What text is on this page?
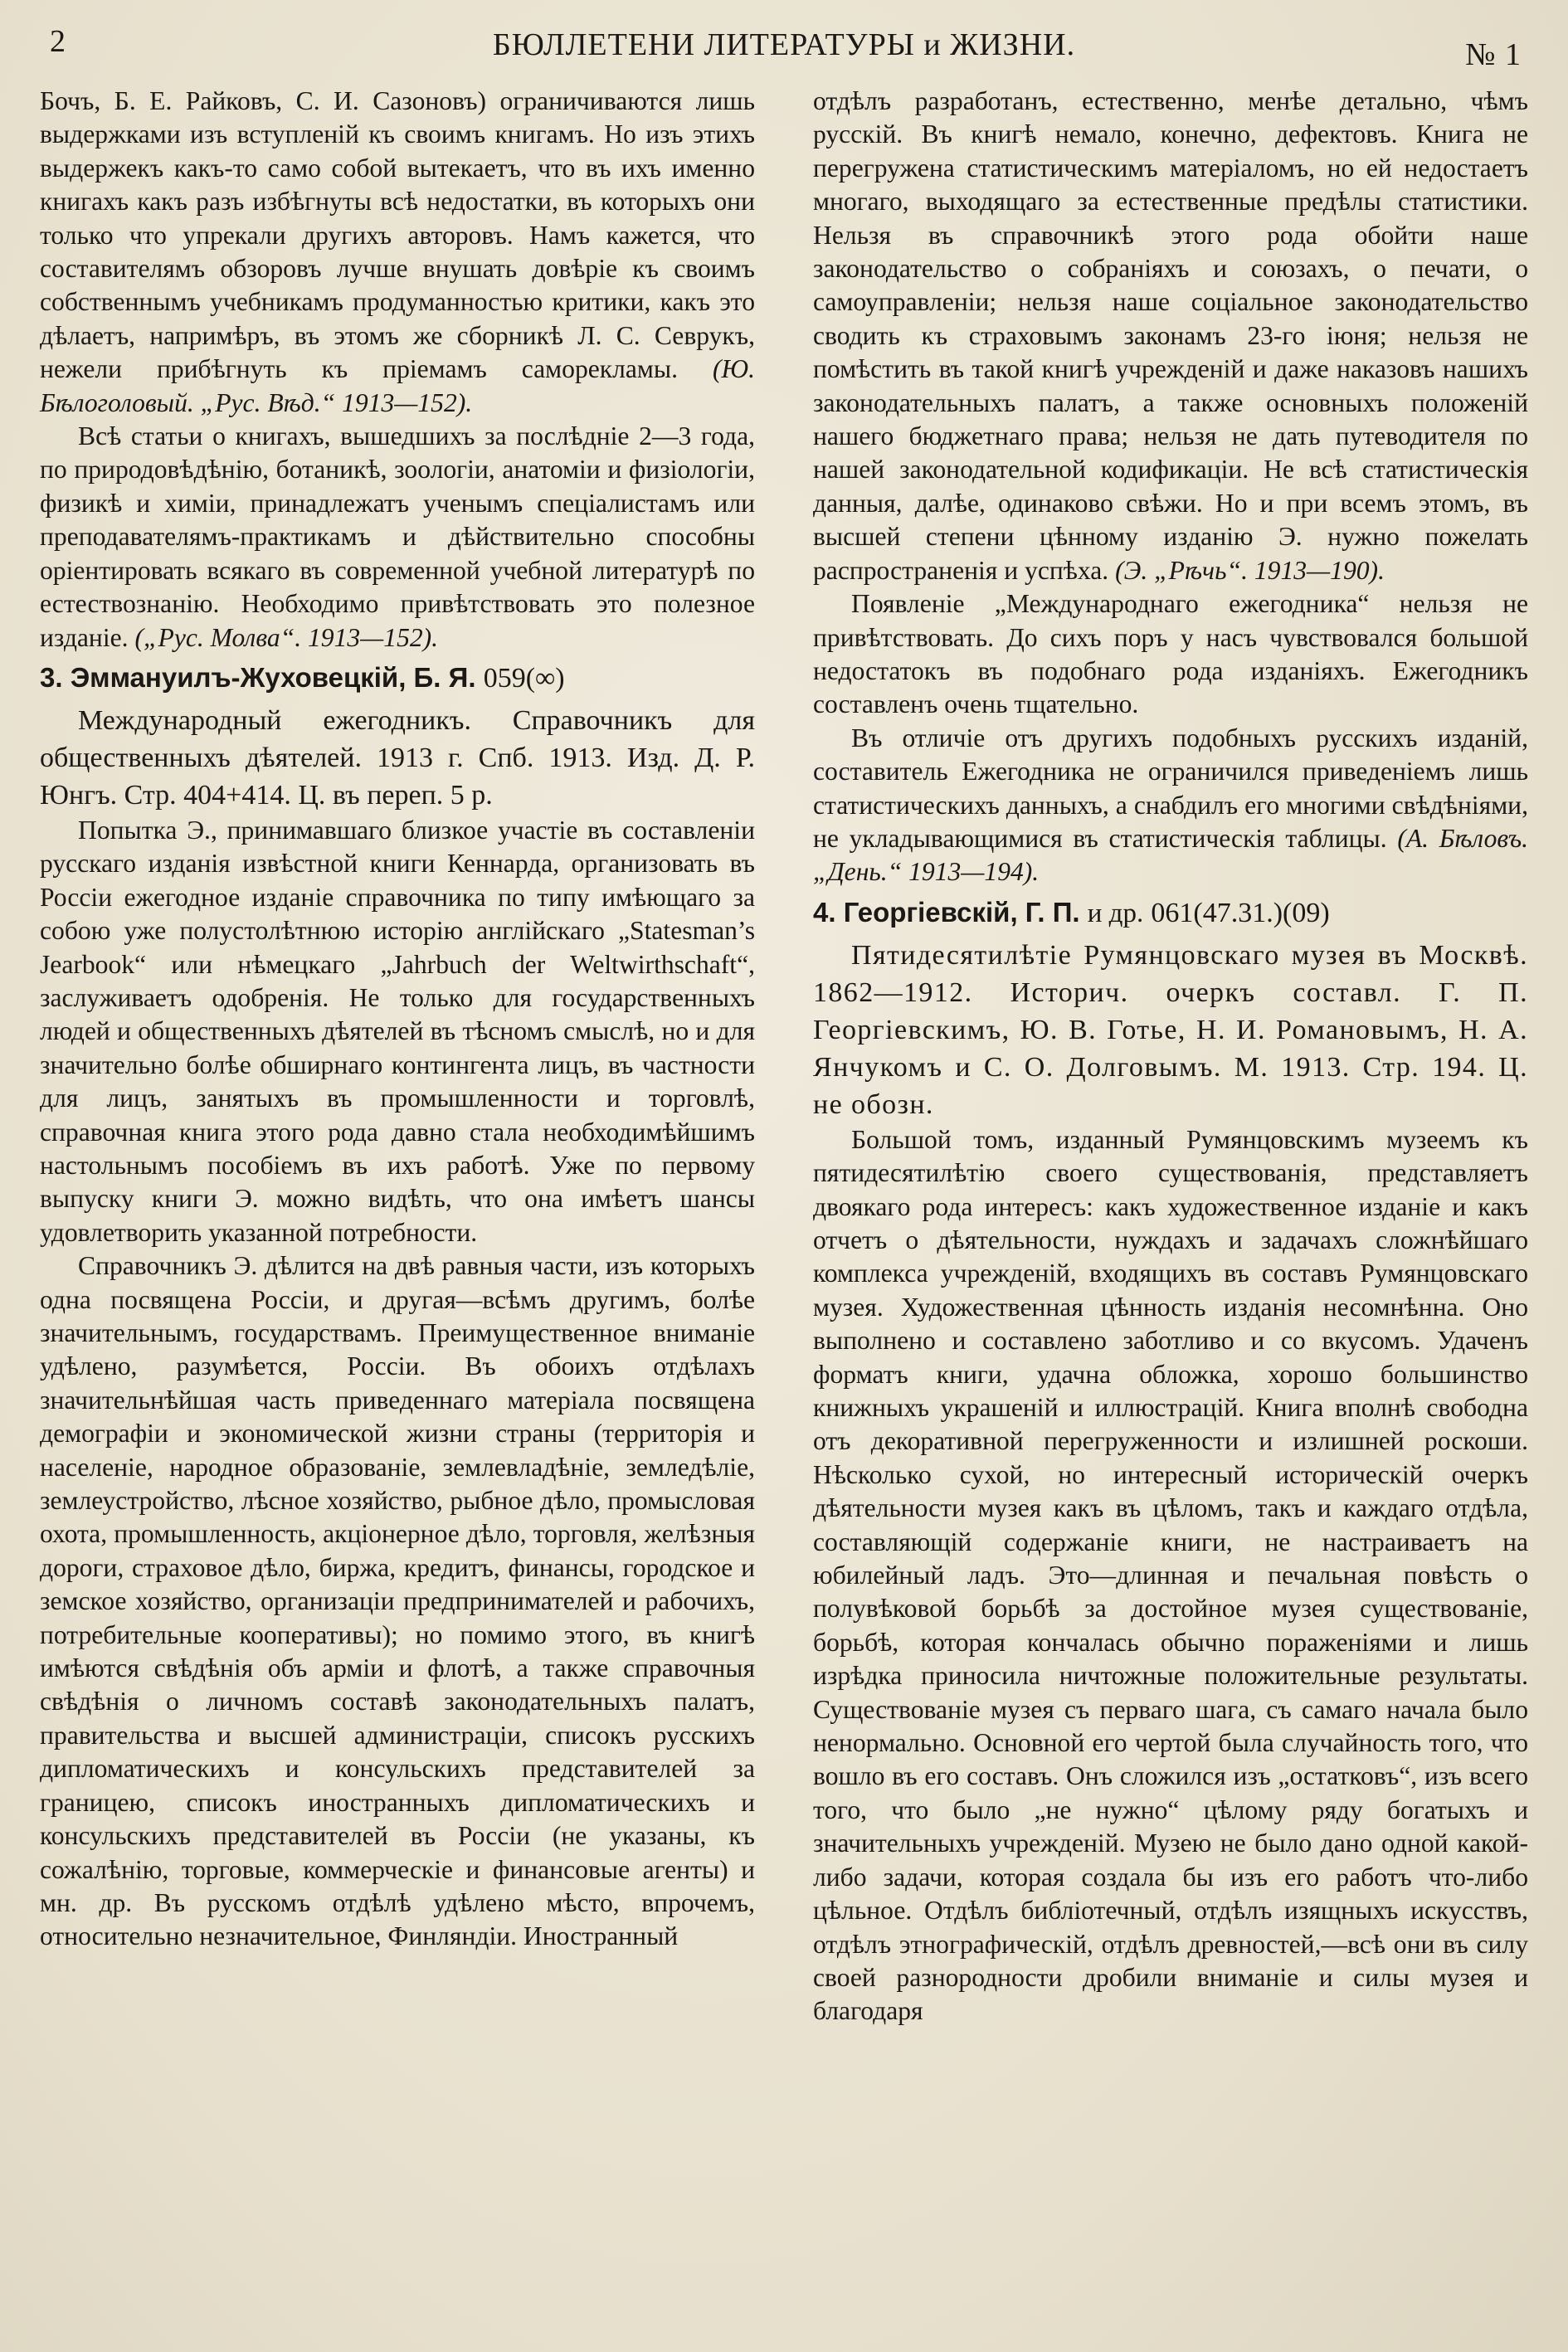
2	БЮЛЛЕТЕНИ ЛИТЕРАТУРЫ и ЖИЗНИ.	№ 1

Бочъ, Б. Е. Райковъ, С. И. Сазоновъ) ограничиваются лишь выдержками изъ вступленій къ своимъ книгамъ. Но изъ этихъ выдержекъ какъ-то само собой вытекаетъ, что въ ихъ именно книгахъ какъ разъ избѣгнуты всѣ недостатки, въ которыхъ они только что упрекали другихъ авторовъ. Намъ кажется, что составителямъ обзоровъ лучше внушать довѣріе къ своимъ собственнымъ учебникамъ продуманностью критики, какъ это дѣлаетъ, напримѣръ, въ этомъ же сборникѣ Л. С. Севрукъ, нежели прибѣгнуть къ пріемамъ саморекламы. (Ю. Бѣлоголовый. „Рус. Вѣд.“ 1913—152).

Всѣ статьи о книгахъ, вышедшихъ за послѣдніе 2—3 года, по природовѣдѣнію, ботаникѣ, зоологіи, анатоміи и физіологіи, физикѣ и химіи, принадлежатъ ученымъ спеціалистамъ или преподавателямъ-практикамъ и дѣйствительно способны оріентировать всякаго въ современной учебной литературѣ по естествознанію. Необходимо привѣтствовать это полезное изданіе. („Рус. Молва“. 1913—152).

3. Эммануилъ-Жуховецкій, Б. Я. 059(∞)

Международный ежегодникъ. Справочникъ для общественныхъ дѣятелей. 1913 г. Спб. 1913. Изд. Д. Р. Юнгъ. Стр. 404+414. Ц. въ переп. 5 р.

Попытка Э., принимавшаго близкое участіе въ составленіи русскаго изданія извѣстной книги Кеннарда, организовать въ Россіи ежегодное изданіе справочника по типу имѣющаго за собою уже полустолѣтнюю исторію англійскаго „Statesman’s Jearbook“ или нѣмецкаго „Jahrbuch der Weltwirthschaft“, заслуживаетъ одобренія. Не только для государственныхъ людей и общественныхъ дѣятелей въ тѣсномъ смыслѣ, но и для значительно болѣе обширнаго контингента лицъ, въ частности для лицъ, занятыхъ въ промышленности и торговлѣ, справочная книга этого рода давно стала необходимѣйшимъ настольнымъ пособіемъ въ ихъ работѣ. Уже по первому выпуску книги Э. можно видѣть, что она имѣетъ шансы удовлетворить указанной потребности.

Справочникъ Э. дѣлится на двѣ равныя части, изъ которыхъ одна посвящена Россіи, и другая—всѣмъ другимъ, болѣе значительнымъ, государствамъ. Преимущественное вниманіе удѣлено, разумѣется, Россіи. Въ обоихъ отдѣлахъ значительнѣйшая часть приведеннаго матеріала посвящена демографіи и экономической жизни страны (территорія и населеніе, народное образованіе, землевладѣніе, земледѣліе, землеустройство, лѣсное хозяйство, рыбное дѣло, промысловая охота, промышленность, акціонерное дѣло, торговля, желѣзныя дороги, страховое дѣло, биржа, кредитъ, финансы, городское и земское хозяйство, организаціи предпринимателей и рабочихъ, потребительные кооперативы); но помимо этого, въ книгѣ имѣются свѣдѣнія объ арміи и флотѣ, а также справочныя свѣдѣнія о личномъ составѣ законодательныхъ палатъ, правительства и высшей администраціи, списокъ русскихъ дипломатическихъ и консульскихъ представителей за границею, списокъ иностранныхъ дипломатическихъ и консульскихъ представителей въ Россіи (не указаны, къ сожалѣнію, торговые, коммерческіе и финансовые агенты) и мн. др. Въ русскомъ отдѣлѣ удѣлено мѣсто, впрочемъ, относительно незначительное, Финляндіи. Иностранный

отдѣлъ разработанъ, естественно, менѣе детально, чѣмъ русскій. Въ книгѣ немало, конечно, дефектовъ. Книга не перегружена статистическимъ матеріаломъ, но ей недостаетъ многаго, выходящаго за естественные предѣлы статистики. Нельзя въ справочникѣ этого рода обойти наше законодательство о собраніяхъ и союзахъ, о печати, о самоуправленіи; нельзя наше соціальное законодательство сводить къ страховымъ законамъ 23-го іюня; нельзя не помѣстить въ такой книгѣ учрежденій и даже наказовъ нашихъ законодательныхъ палатъ, а также основныхъ положеній нашего бюджетнаго права; нельзя не дать путеводителя по нашей законодательной кодификаціи. Не всѣ статистическія данныя, далѣе, одинаково свѣжи. Но и при всемъ этомъ, въ высшей степени цѣнному изданію Э. нужно пожелать распространенія и успѣха. (Э. „Рѣчь“. 1913—190).

Появленіе „Международнаго ежегодника“ нельзя не привѣтствовать. До сихъ поръ у насъ чувствовался большой недостатокъ въ подобнаго рода изданіяхъ. Ежегодникъ составленъ очень тщательно.

Въ отличіе отъ другихъ подобныхъ русскихъ изданій, составитель Ежегодника не ограничился приведеніемъ лишь статистическихъ данныхъ, а снабдилъ его многими свѣдѣніями, не укладывающимися въ статистическія таблицы. (А. Бѣловъ. „День.“ 1913—194).

4. Георгіевскій, Г. П. и др. 061(47.31.)(09)

Пятидесятилѣтіе Румянцовскаго музея въ Москвѣ. 1862—1912. Историч. очеркъ составл. Г. П. Георгіевскимъ, Ю. В. Готье, Н. И. Романовымъ, Н. А. Янчукомъ и С. О. Долговымъ. М. 1913. Стр. 194. Ц. не обозн.

Большой томъ, изданный Румянцовскимъ музеемъ къ пятидесятилѣтію своего существованія, представляетъ двоякаго рода интересъ: какъ художественное изданіе и какъ отчетъ о дѣятельности, нуждахъ и задачахъ сложнѣйшаго комплекса учрежденій, входящихъ въ составъ Румянцовскаго музея. Художественная цѣнность изданія несомнѣнна. Оно выполнено и составлено заботливо и со вкусомъ. Удаченъ форматъ книги, удачна обложка, хорошо большинство книжныхъ украшеній и иллюстрацій. Книга вполнѣ свободна отъ декоративной перегруженности и излишней роскоши. Нѣсколько сухой, но интересный историческій очеркъ дѣятельности музея какъ въ цѣломъ, такъ и каждаго отдѣла, составляющій содержаніе книги, не настраиваетъ на юбилейный ладъ. Это—длинная и печальная повѣсть о полувѣковой борьбѣ за достойное музея существованіе, борьбѣ, которая кончалась обычно пораженіями и лишь изрѣдка приносила ничтожные положительные результаты. Существованіе музея съ перваго шага, съ самаго начала было ненормально. Основной его чертой была случайность того, что вошло въ его составъ. Онъ сложился изъ „остатковъ“, изъ всего того, что было „не нужно“ цѣлому ряду богатыхъ и значительныхъ учрежденій. Музею не было дано одной какой-либо задачи, которая создала бы изъ его работъ что-либо цѣльное. Отдѣлъ библіотечный, отдѣлъ изящныхъ искусствъ, отдѣлъ этнографическій, отдѣлъ древностей,—всѣ они въ силу своей разнородности дробили вниманіе и силы музея и благодаря
